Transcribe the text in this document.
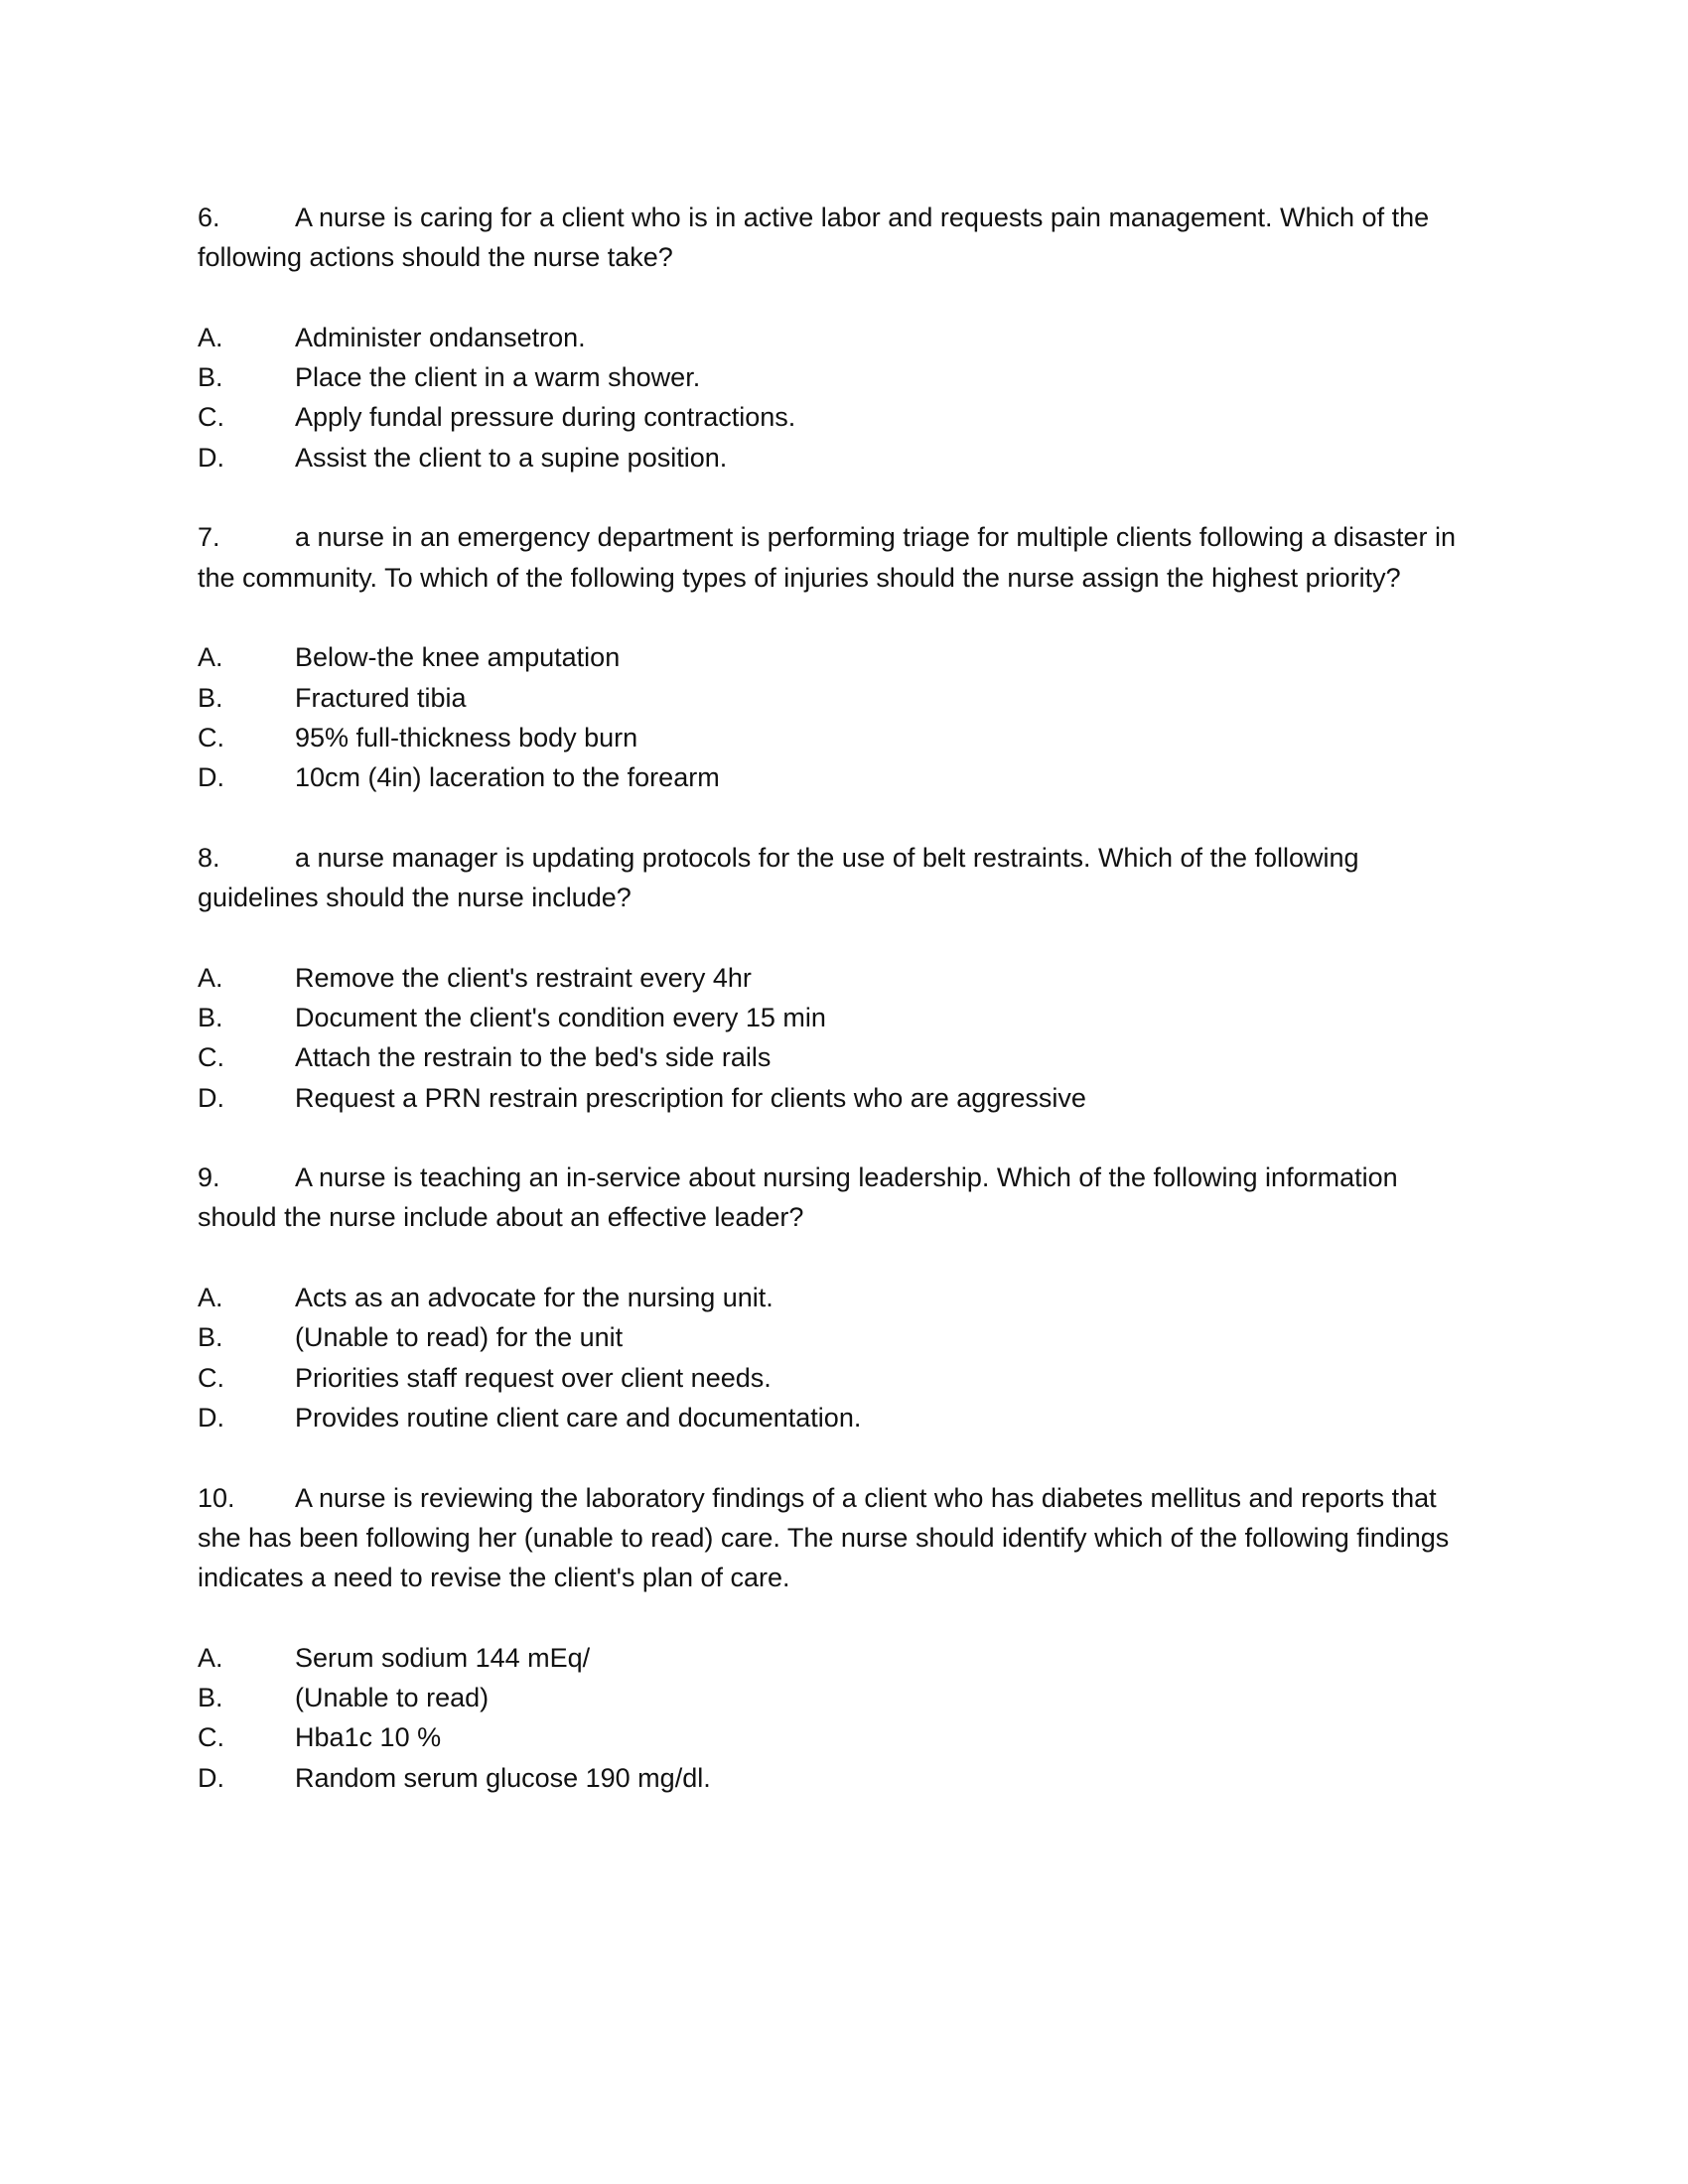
6.	A nurse is caring for a client who is in active labor and requests pain management. Which of the following actions should the nurse take?
A.	Administer ondansetron.
B.	Place the client in a warm shower.
C.	Apply fundal pressure during contractions.
D.	Assist the client to a supine position.
7.	a nurse in an emergency department is performing triage for multiple clients following a disaster in the community. To which of the following types of injuries should the nurse assign the highest priority?
A.	Below-the knee amputation
B.	Fractured tibia
C.	95% full-thickness body burn
D.	10cm (4in) laceration to the forearm
8.	a nurse manager is updating protocols for the use of belt restraints. Which of the following guidelines should the nurse include?
A.	Remove the client's restraint every 4hr
B.	Document the client's condition every 15 min
C.	Attach the restrain to the bed's side rails
D.	Request a PRN restrain prescription for clients who are aggressive
9.	A nurse is teaching an in-service about nursing leadership. Which of the following information should the nurse include about an effective leader?
A.	Acts as an advocate for the nursing unit.
B.	(Unable to read) for the unit
C.	Priorities staff request over client needs.
D.	Provides routine client care and documentation.
10. A nurse is reviewing the laboratory findings of a client who has diabetes mellitus and reports that she has been following her (unable to read) care. The nurse should identify which of the following findings indicates a need to revise the client's plan of care.
A.	Serum sodium 144 mEq/
B.	(Unable to read)
C.	Hba1c 10 %
D.	Random serum glucose 190 mg/dl.
